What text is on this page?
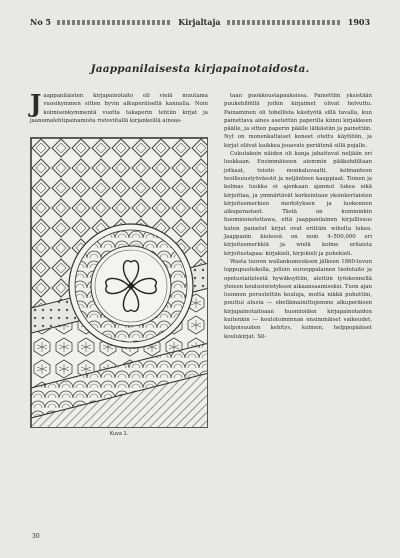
No 5	Kirjaltaja	1903
Jaappanilaisesta kirjapainotaidosta.

Jaappanilaisten kirjapainotaito oli vielä muutama vuosikymmen sitten hyvin alkuperäisellä kannalla. Noin kolmisenkymmentä vuotta takaperin tehtiin kirjat ja jaanomalehtipainamista ristoviitallä kirjankeillä ainoas-

Kuva 1.

taan puokkeustapauksissa. Painettiin yksistään puukehilöillä joihin kirjaimet olivat helvuttu. Painaminen oli tobellista käsityötä sillä tavalla, kun painettava aines asetettiin paperilla kiinni kirjakkeen päälle, ja sitten paperin päälle lätkästiin ja painettiin. Nyt on monenkaltaiset koneet otettu käyttöön, ja kirjat oliivat kaikkea jouavats periätenä sillä pojalle.

Cukutakoin näiden oli kanja jahaituvat neljään eri luokkaan. Ensimmäiseen aiemmin pääkohdiltaan jotkaat, toisiin monkaluvaatti, kolmanteen teollisuustyöväestö ja neljänteen kauppiaat. Toinen ja kolmas luokka ei ajenkaan ajannut lukea eikä kirjoittaa, ja ymmärtävät korkeintaan yksinkertaisten kirjoitusmerkien merkityksen ja luokennon alkuperastaot. Tästä on kumminkin huomioonotettawa, että jaappanilainen kirjallisuus kuten painetut kirjat ovat erittäin wiholta lukea. Jaappanin kielessä on noin 4–500,000 eri kirjoitusmerkkiä ja wielä kolme erilaista kirjoitustapaa: kirjakieli, kirjekieli ja puhekieli.

Wasta tuoren wallankumouksen jälkeen 1860-luvun loppupuoliskolla, jolloin eurooppalainen tiedetaito ja opetustaitelestä hywäksyttiin, alettiin työskennellä yleisen koulusiwistyksen aikaansaamiseksi. Tuon ajan luonnon perustettiin kouluja, mutta nikkä puhuttiin, puuttui alusta — ebellämainittujemme alkuperäisen kirjapainotaitoaan huomioiden kirjapainotaidon kuitenkin — koulutoiminnan ensimmäiset vaikeudet, kelpoisuuden kehitys, kolmen, helppopääiset koulukirjat. Sil-

30
